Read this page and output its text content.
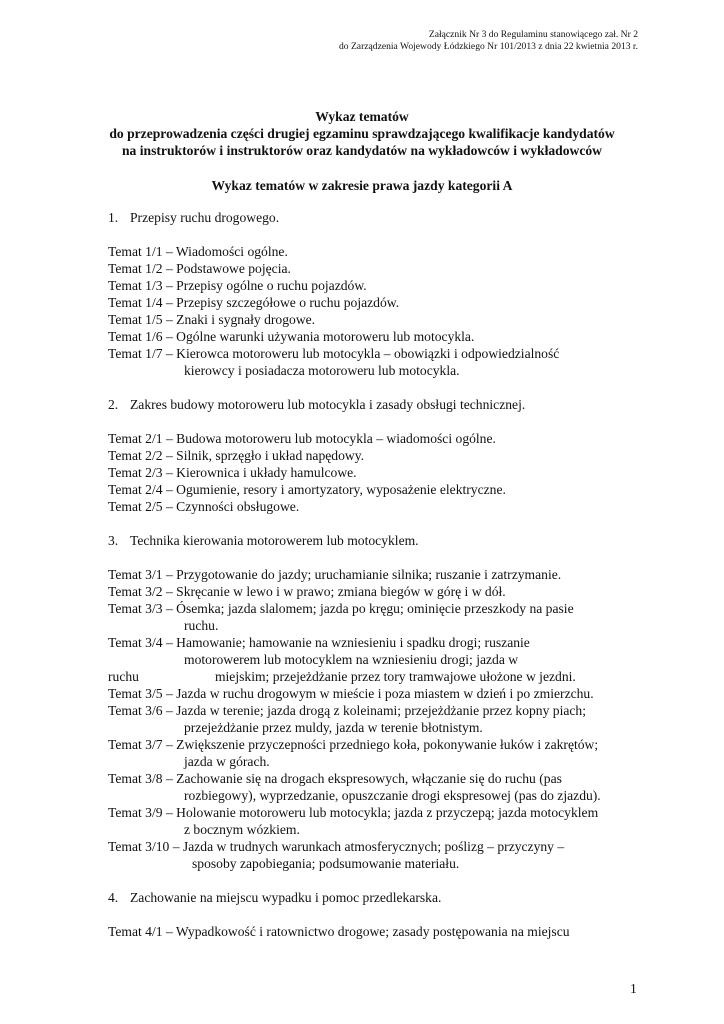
Załącznik Nr 3 do Regulaminu stanowiącego zał. Nr 2
do Zarządzenia Wojewody Łódzkiego Nr 101/2013 z dnia 22 kwietnia 2013 r.

Wykaz tematów

do przeprowadzenia części drugiej egzaminu sprawdzającego kwalifikacje kandydatów

na instruktorów i instruktorów oraz kandydatów na wykładowców i wykładowców

Wykaz tematów w zakresie prawa jazdy kategorii A
1. Przepisy ruchu drogowego.
Temat 1/1 – Wiadomości ogólne.
Temat 1/2 – Podstawowe pojęcia.
Temat 1/3 – Przepisy ogólne o ruchu pojazdów.
Temat 1/4 – Przepisy szczegółowe o ruchu pojazdów.
Temat 1/5 – Znaki i sygnały drogowe.
Temat 1/6 – Ogólne warunki używania motoroweru lub motocykla.
Temat 1/7 – Kierowca motoroweru lub motocykla – obowiązki i odpowiedzialność
kierowcy i posiadacza motoroweru lub motocykla.
2. Zakres budowy motoroweru lub motocykla i zasady obsługi technicznej.
Temat 2/1 – Budowa motoroweru lub motocykla – wiadomości ogólne.
Temat 2/2 – Silnik, sprzęgło i układ napędowy.
Temat 2/3 – Kierownica i układy hamulcowe.
Temat 2/4 – Ogumienie, resory i amortyzatory, wyposażenie elektryczne.
Temat 2/5 – Czynności obsługowe.
3. Technika kierowania motorowerem lub motocyklem.
Temat 3/1 – Przygotowanie do jazdy; uruchamianie silnika; ruszanie i zatrzymanie.
Temat 3/2 – Skręcanie w lewo i w prawo; zmiana biegów w górę i w dół.
Temat 3/3 – Ósemka; jazda slalomem; jazda po kręgu; ominięcie przeszkody na pasie
ruchu.
Temat 3/4 – Hamowanie; hamowanie na wzniesieniu i spadku drogi; ruszanie
motorowerem lub motocyklem na wzniesieniu drogi; jazda w ruchu	miejskim; przejeżdżanie przez tory tramwajowe ułożone w jezdni.
Temat 3/5 – Jazda w ruchu drogowym w mieście i poza miastem w dzień i po zmierzchu.
Temat 3/6 – Jazda w terenie; jazda drogą z koleinami; przejeżdżanie przez kopny piach;
przejeżdżanie przez muldy, jazda w terenie błotnistym.
Temat 3/7 – Zwiększenie przyczepności przedniego koła, pokonywanie łuków i zakrętów;
jazda w górach.
Temat 3/8 – Zachowanie się na drogach ekspresowych, włączanie się do ruchu (pas
rozbiegowy), wyprzedzanie, opuszczanie drogi ekspresowej (pas do zjazdu).
Temat 3/9 – Holowanie motoroweru lub motocykla; jazda z przyczepą; jazda motocyklem
z bocznym wózkiem.
Temat 3/10 – Jazda w trudnych warunkach atmosferycznych; poślizg – przyczyny –
sposoby zapobiegania; podsumowanie materiału.
4. Zachowanie na miejscu wypadku i pomoc przedlekarska.
Temat 4/1 – Wypadkowość i ratownictwo drogowe; zasady postępowania na miejscu
1
